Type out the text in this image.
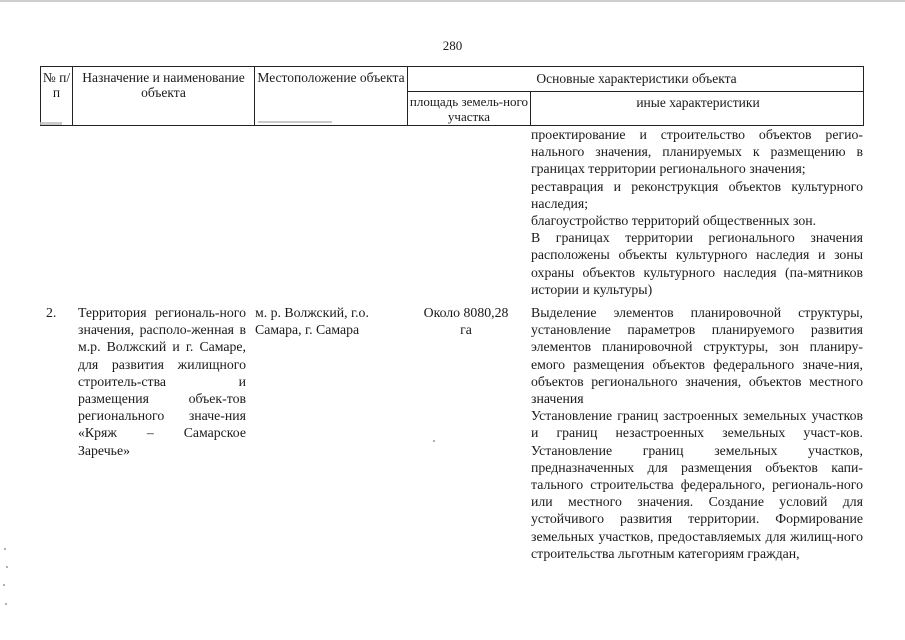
280
№ п/п
Назначение и наименование объекта
Местоположение объекта	Основные характеристики объекта
площадь земель-ного участка
иные характеристики

проектирование и строительство объектов регио-нального значения, планируемых к размещению в границах территории регионального значения;

реставрация и реконструкция объектов культурного наследия;

благоустройство территорий общественных зон.

В границах территории регионального значения расположены объекты культурного наследия и зоны охраны объектов культурного наследия (па-мятников истории и культуры)

2.	Территория региональ-ного значения, располо-женная в м.р. Волжский и г. Самаре, для развития жилищного строитель-ства и размещения объек-тов регионального значе-ния «Кряж – Самарское Заречье»
м. р. Волжский, г.о. Самара, г. Самара
Около 8080,28 га

Выделение элементов планировочной структуры, установление параметров планируемого развития элементов планировочной структуры, зон планиру-емого размещения объектов федерального значе-ния, объектов регионального значения, объектов местного значения

Установление границ застроенных земельных участков и границ незастроенных земельных участ-ков. Установление границ земельных участков, предназначенных для размещения объектов капи-тального строительства федерального, региональ-ного или местного значения. Создание условий для устойчивого развития территории. Формирование земельных участков, предоставляемых для жилищ-ного строительства льготным категориям граждан,
